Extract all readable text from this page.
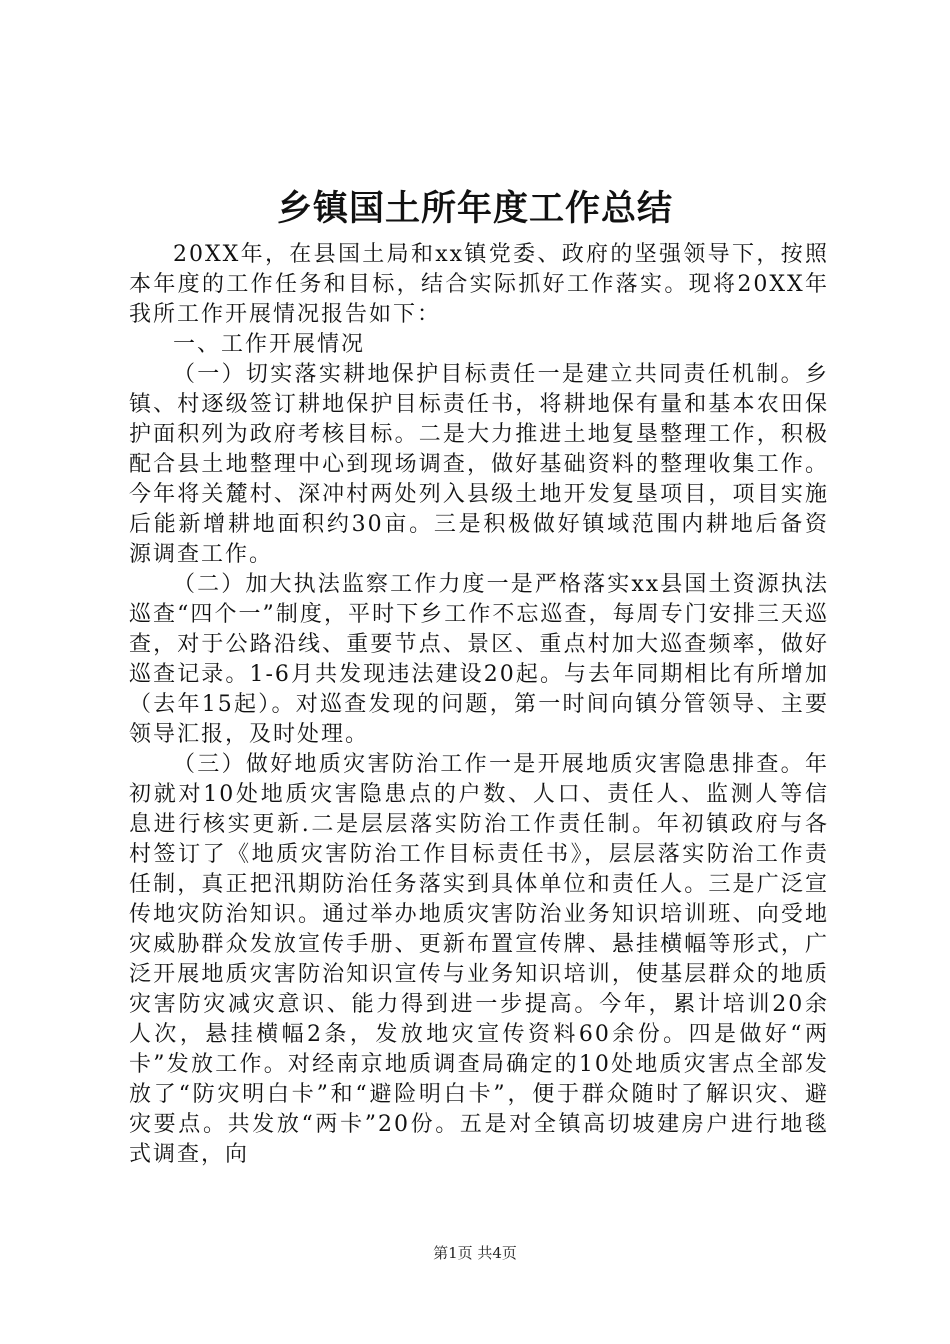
乡镇国土所年度工作总结

20XX年，在县国土局和xx镇党委、政府的坚强领导下，按照本年度的工作任务和目标，结合实际抓好工作落实。现将20XX年我所工作开展情况报告如下：

一、工作开展情况

（一）切实落实耕地保护目标责任一是建立共同责任机制。乡镇、村逐级签订耕地保护目标责任书，将耕地保有量和基本农田保护面积列为政府考核目标。二是大力推进土地复垦整理工作，积极配合县土地整理中心到现场调查，做好基础资料的整理收集工作。今年将关麓村、深冲村两处列入县级土地开发复垦项目，项目实施后能新增耕地面积约30亩。三是积极做好镇域范围内耕地后备资源调查工作。

（二）加大执法监察工作力度一是严格落实xx县国土资源执法巡查“四个一”制度，平时下乡工作不忘巡查，每周专门安排三天巡查，对于公路沿线、重要节点、景区、重点村加大巡查频率，做好巡查记录。1-6月共发现违法建设20起。与去年同期相比有所增加（去年15起）。对巡查发现的问题，第一时间向镇分管领导、主要领导汇报，及时处理。

（三）做好地质灾害防治工作一是开展地质灾害隐患排查。年初就对10处地质灾害隐患点的户数、人口、责任人、监测人等信息进行核实更新.二是层层落实防治工作责任制。年初镇政府与各村签订了《地质灾害防治工作目标责任书》，层层落实防治工作责任制，真正把汛期防治任务落实到具体单位和责任人。三是广泛宣传地灾防治知识。通过举办地质灾害防治业务知识培训班、向受地灾威胁群众发放宣传手册、更新布置宣传牌、悬挂横幅等形式，广泛开展地质灾害防治知识宣传与业务知识培训，使基层群众的地质灾害防灾减灾意识、能力得到进一步提高。今年，累计培训20余人次，悬挂横幅2条，发放地灾宣传资料60余份。四是做好“两卡”发放工作。对经南京地质调查局确定的10处地质灾害点全部发放了“防灾明白卡”和“避险明白卡”，便于群众随时了解识灾、避灾要点。共发放“两卡”20份。五是对全镇高切坡建房户进行地毯式调查，向

第1页 共4页
